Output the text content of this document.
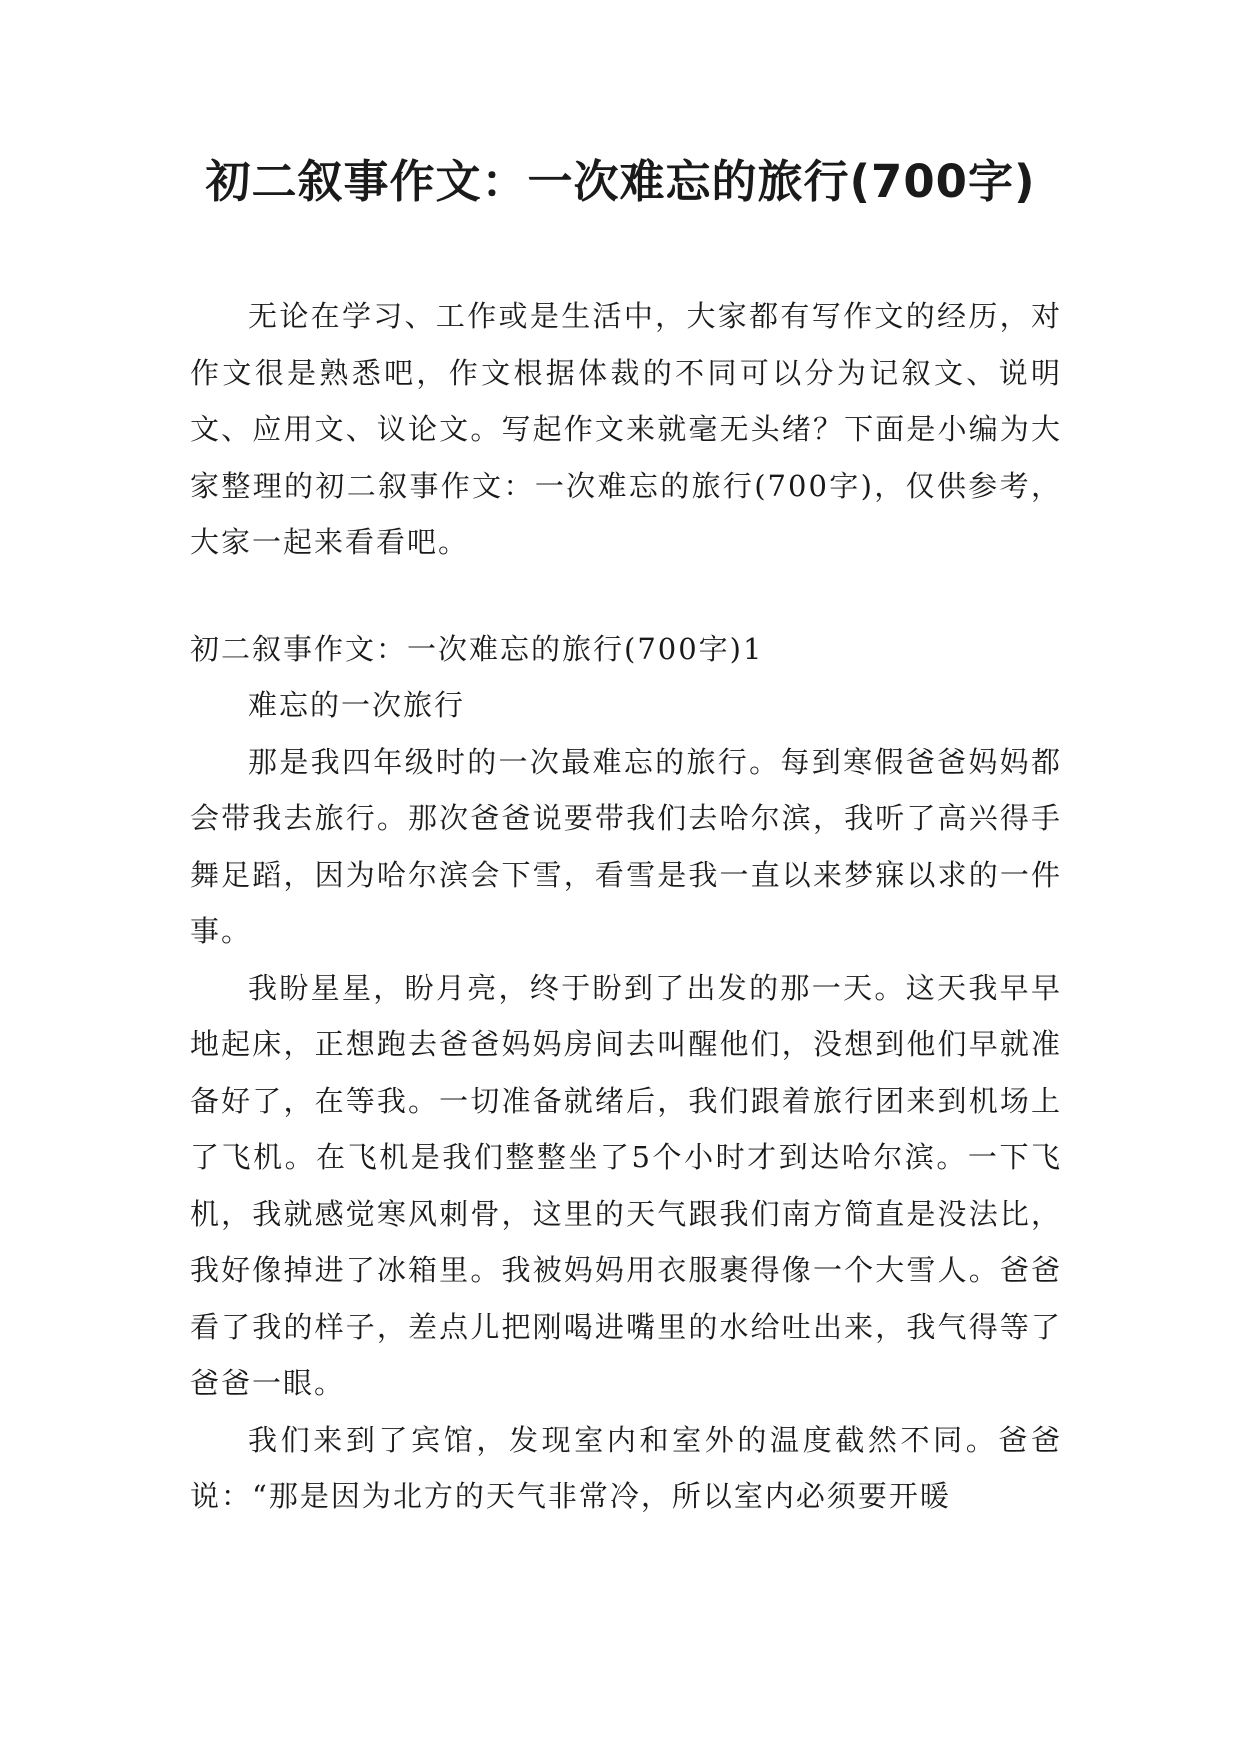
初二叙事作文：一次难忘的旅行(700字)

无论在学习、工作或是生活中，大家都有写作文的经历，对作文很是熟悉吧，作文根据体裁的不同可以分为记叙文、说明文、应用文、议论文。写起作文来就毫无头绪？下面是小编为大家整理的初二叙事作文：一次难忘的旅行(700字)，仅供参考，大家一起来看看吧。

初二叙事作文：一次难忘的旅行(700字)1

难忘的一次旅行

那是我四年级时的一次最难忘的旅行。每到寒假爸爸妈妈都会带我去旅行。那次爸爸说要带我们去哈尔滨，我听了高兴得手舞足蹈，因为哈尔滨会下雪，看雪是我一直以来梦寐以求的一件事。

我盼星星，盼月亮，终于盼到了出发的那一天。这天我早早地起床，正想跑去爸爸妈妈房间去叫醒他们，没想到他们早就准备好了，在等我。一切准备就绪后，我们跟着旅行团来到机场上了飞机。在飞机是我们整整坐了5个小时才到达哈尔滨。一下飞机，我就感觉寒风刺骨，这里的天气跟我们南方简直是没法比，我好像掉进了冰箱里。我被妈妈用衣服裹得像一个大雪人。爸爸看了我的样子，差点儿把刚喝进嘴里的水给吐出来，我气得等了爸爸一眼。

我们来到了宾馆，发现室内和室外的温度截然不同。爸爸说：“那是因为北方的天气非常冷，所以室内必须要开暖
